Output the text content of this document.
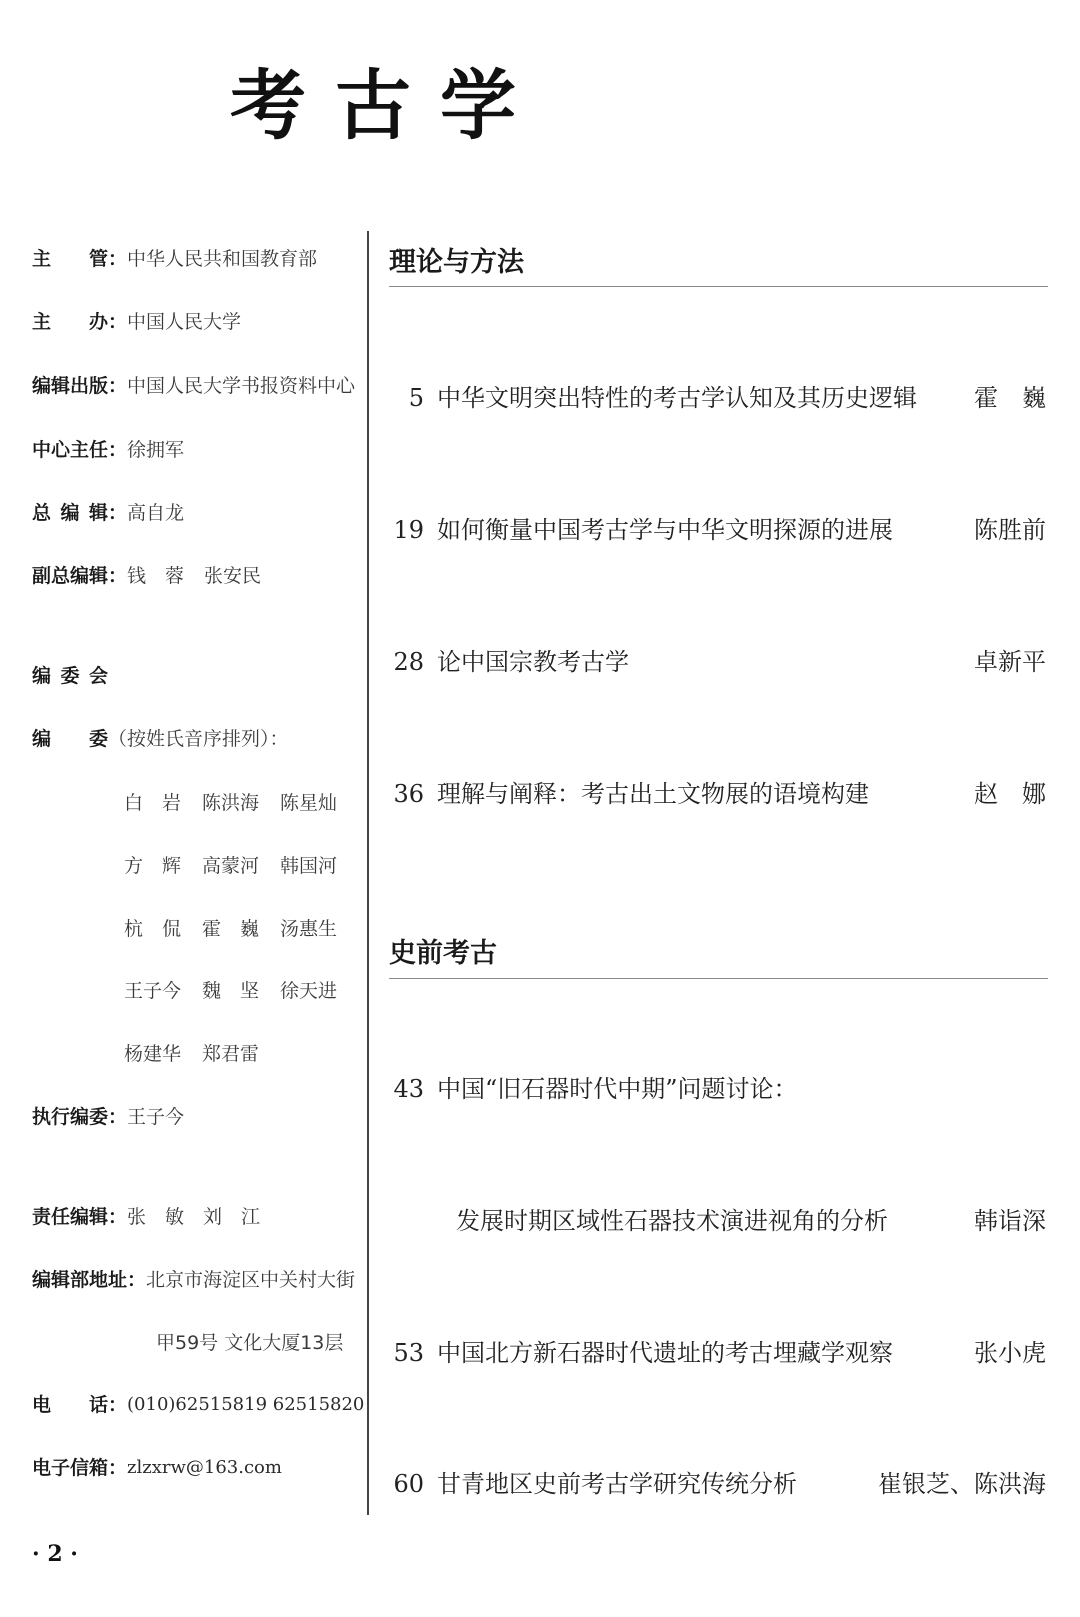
考古学
主　　管：中华人民共和国教育部
主　　办：中国人民大学
编辑出版：中国人民大学书报资料中心
中心主任：徐拥军
总 编 辑：高自龙
副总编辑：钱　蓉 张安民
编 委 会
编　　委（按姓氏音序排列）：
白　岩 陈洪海 陈星灿
方　辉 高蒙河 韩国河
杭　侃 霍　巍 汤惠生
王子今 魏　坚 徐天进
杨建华 郑君雷
执行编委：王子今
责任编辑：张　敏　刘　江
编辑部地址：北京市海淀区中关村大街
甲59号 文化大厦13层
电　　话：(010)62515819 62515820
电子信箱：zlzxrw@163.com
理论与方法
5 中华文明突出特性的考古学认知及其历史逻辑 霍　巍
19 如何衡量中国考古学与中华文明探源的进展	陈胜前
28 论中国宗教考古学	卓新平
36 理解与阐释：考古出土文物展的语境构建	赵　娜
史前考古
43 中国“旧石器时代中期”问题讨论：
发展时期区域性石器技术演进视角的分析	韩诣深
53 中国北方新石器时代遗址的考古埋藏学观察	张小虎
60 甘青地区史前考古学研究传统分析	崔银芝、陈洪海
· 2 ·
